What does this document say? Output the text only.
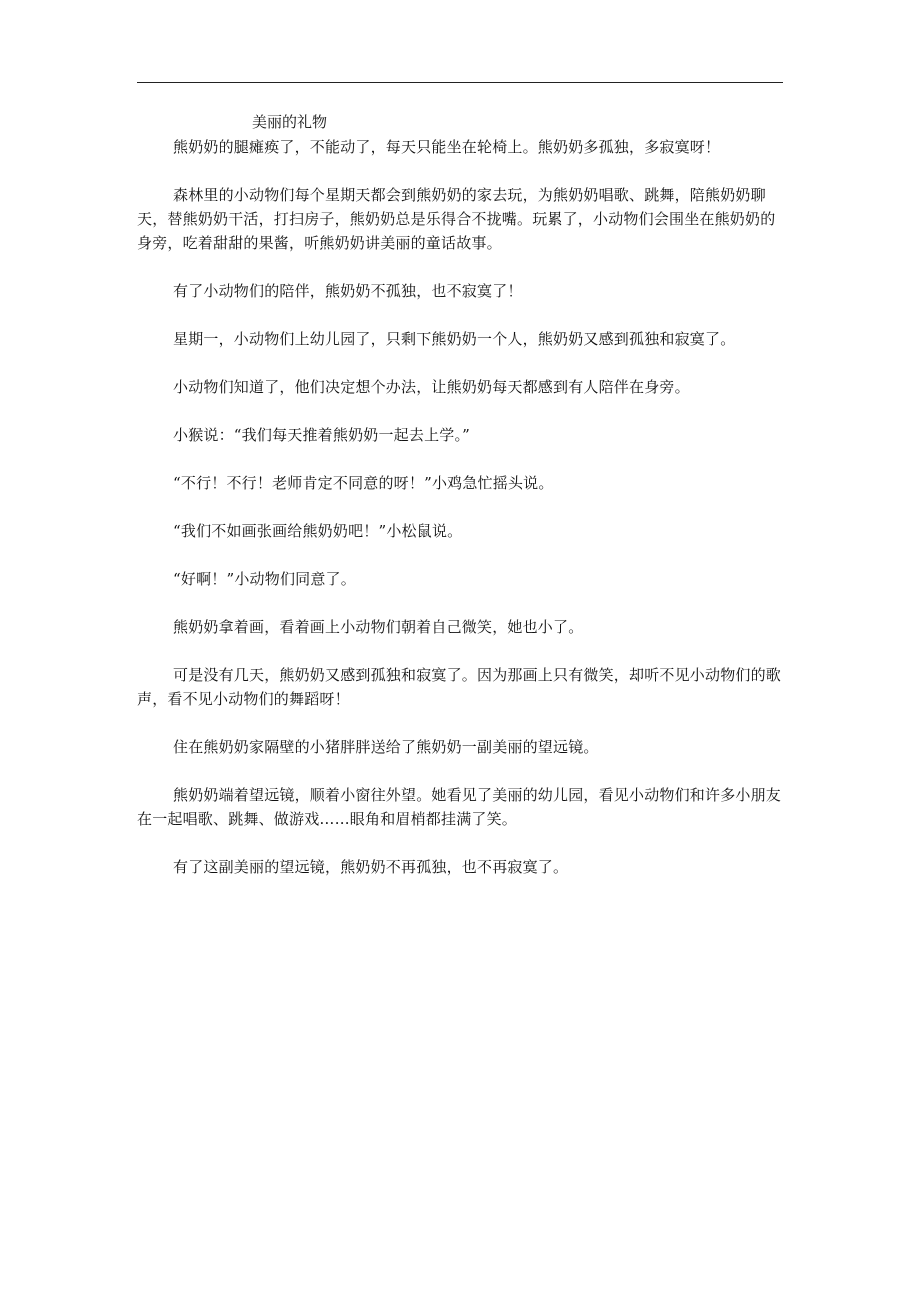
美丽的礼物

熊奶奶的腿瘫痪了，不能动了，每天只能坐在轮椅上。熊奶奶多孤独，多寂寞呀！

森林里的小动物们每个星期天都会到熊奶奶的家去玩，为熊奶奶唱歌、跳舞，陪熊奶奶聊天，替熊奶奶干活，打扫房子，熊奶奶总是乐得合不拢嘴。玩累了，小动物们会围坐在熊奶奶的身旁，吃着甜甜的果酱，听熊奶奶讲美丽的童话故事。

有了小动物们的陪伴，熊奶奶不孤独，也不寂寞了！

星期一，小动物们上幼儿园了，只剩下熊奶奶一个人，熊奶奶又感到孤独和寂寞了。

小动物们知道了，他们决定想个办法，让熊奶奶每天都感到有人陪伴在身旁。

小猴说：“我们每天推着熊奶奶一起去上学。”

“不行！不行！老师肯定不同意的呀！”小鸡急忙摇头说。

“我们不如画张画给熊奶奶吧！”小松鼠说。

“好啊！”小动物们同意了。

熊奶奶拿着画，看着画上小动物们朝着自己微笑，她也小了。

可是没有几天，熊奶奶又感到孤独和寂寞了。因为那画上只有微笑，却听不见小动物们的歌声，看不见小动物们的舞蹈呀！

住在熊奶奶家隔壁的小猪胖胖送给了熊奶奶一副美丽的望远镜。

熊奶奶端着望远镜，顺着小窗往外望。她看见了美丽的幼儿园，看见小动物们和许多小朋友在一起唱歌、跳舞、做游戏……眼角和眉梢都挂满了笑。

有了这副美丽的望远镜，熊奶奶不再孤独，也不再寂寞了。
